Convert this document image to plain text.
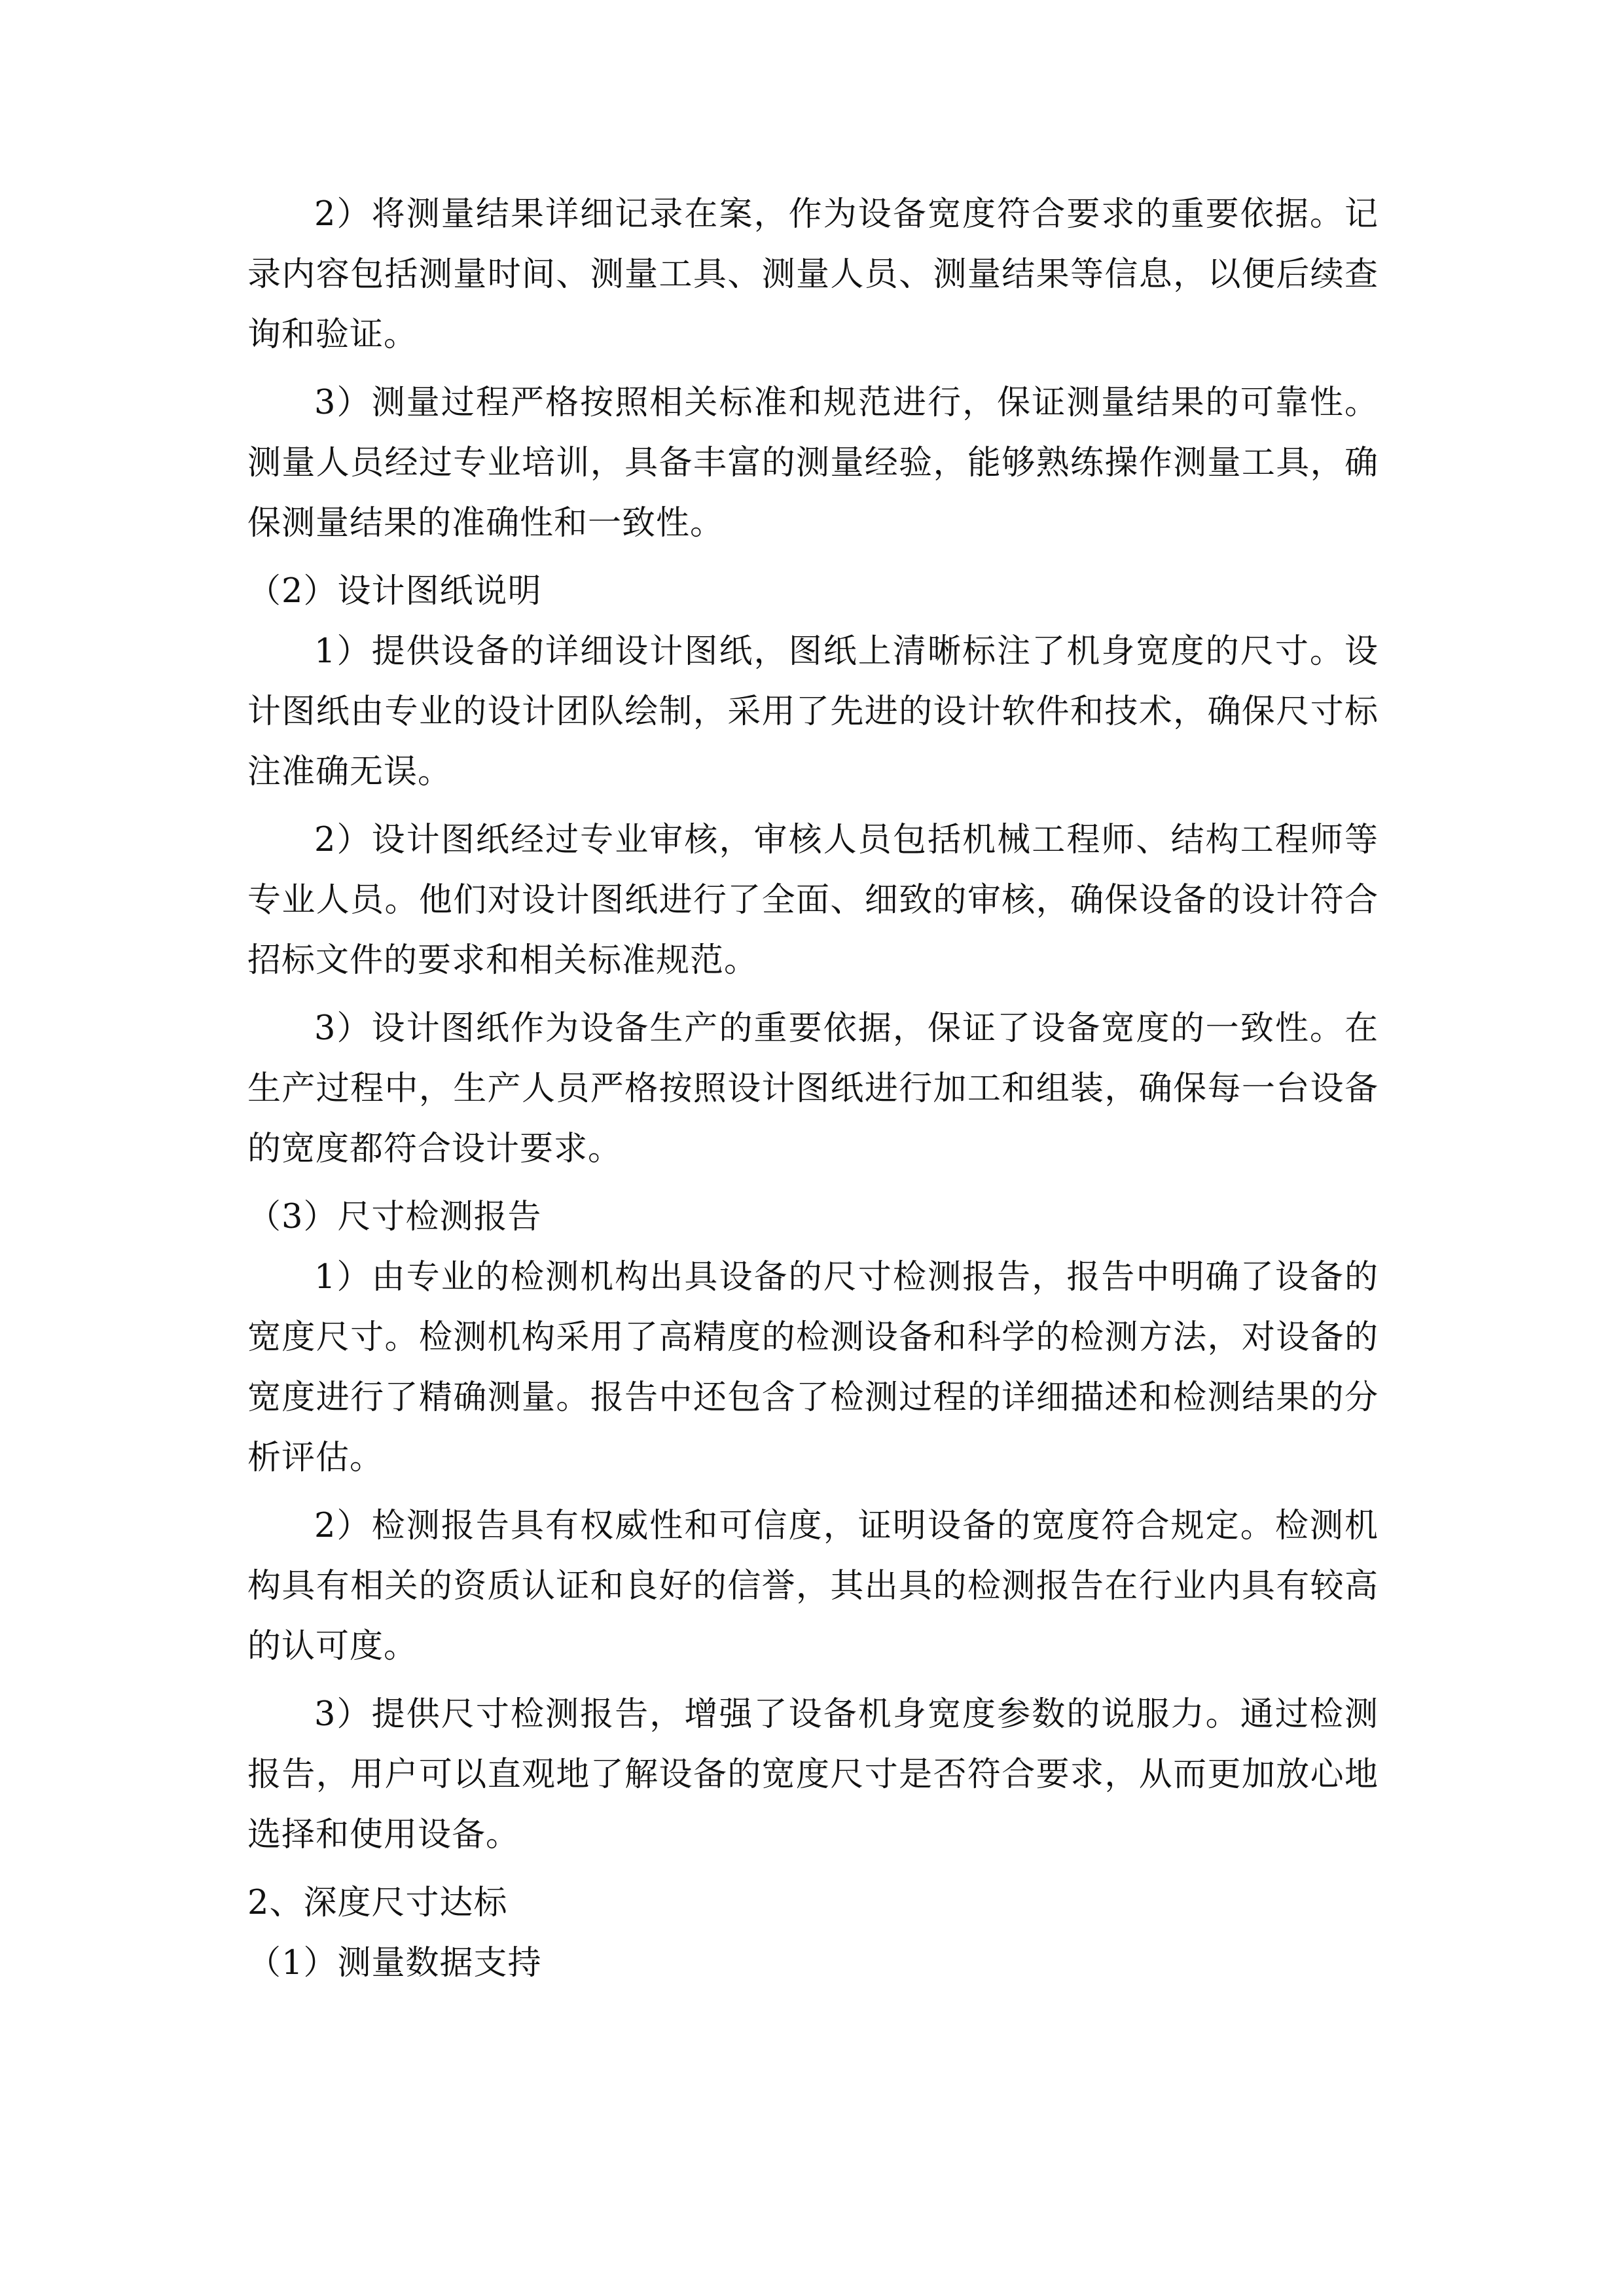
2）将测量结果详细记录在案，作为设备宽度符合要求的重要依据。记录内容包括测量时间、测量工具、测量人员、测量结果等信息，以便后续查询和验证。

3）测量过程严格按照相关标准和规范进行，保证测量结果的可靠性。测量人员经过专业培训，具备丰富的测量经验，能够熟练操作测量工具，确保测量结果的准确性和一致性。

（2）设计图纸说明

1）提供设备的详细设计图纸，图纸上清晰标注了机身宽度的尺寸。设计图纸由专业的设计团队绘制，采用了先进的设计软件和技术，确保尺寸标注准确无误。

2）设计图纸经过专业审核，审核人员包括机械工程师、结构工程师等专业人员。他们对设计图纸进行了全面、细致的审核，确保设备的设计符合招标文件的要求和相关标准规范。

3）设计图纸作为设备生产的重要依据，保证了设备宽度的一致性。在生产过程中，生产人员严格按照设计图纸进行加工和组装，确保每一台设备的宽度都符合设计要求。

（3）尺寸检测报告

1）由专业的检测机构出具设备的尺寸检测报告，报告中明确了设备的宽度尺寸。检测机构采用了高精度的检测设备和科学的检测方法，对设备的宽度进行了精确测量。报告中还包含了检测过程的详细描述和检测结果的分析评估。

2）检测报告具有权威性和可信度，证明设备的宽度符合规定。检测机构具有相关的资质认证和良好的信誉，其出具的检测报告在行业内具有较高的认可度。

3）提供尺寸检测报告，增强了设备机身宽度参数的说服力。通过检测报告，用户可以直观地了解设备的宽度尺寸是否符合要求，从而更加放心地选择和使用设备。

2、深度尺寸达标

（1）测量数据支持
